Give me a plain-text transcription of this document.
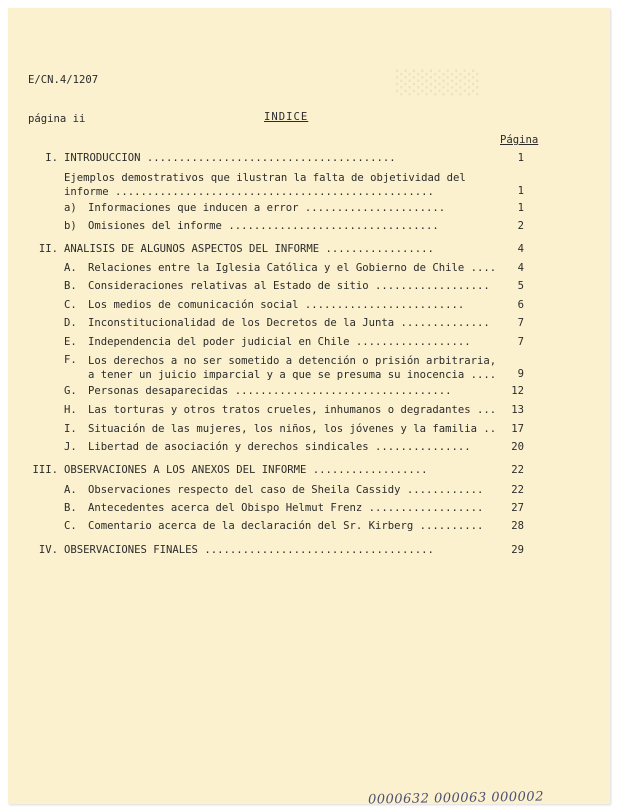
░░░░░

E/CN.4/1207

página ii

	INDICE
Página
I. INTRODUCCION .......................................	1
Ejemplos demostrativos que ilustran la falta de objetividad del
informe ..................................................	1
a) Informaciones que inducen a error ......................	1
b) Omisiones del informe .................................	2
II. ANALISIS DE ALGUNOS ASPECTOS DEL INFORME .................	4
A. Relaciones entre la Iglesia Católica y el Gobierno de Chile ....	4
B. Consideraciones relativas al Estado de sitio ..................	5
C. Los medios de comunicación social .........................	6
D. Inconstitucionalidad de los Decretos de la Junta ..............	7
E. Independencia del poder judicial en Chile ..................	7
F. Los derechos a no ser sometido a detención o prisión arbitraria,
a tener un juicio imparcial y a que se presuma su inocencia ....	9
G. Personas desaparecidas ..................................	12
H. Las torturas y otros tratos crueles, inhumanos o degradantes ...	13
I. Situación de las mujeres, los niños, los jóvenes y la familia ..	17
J. Libertad de asociación y derechos sindicales ...............	20
III. OBSERVACIONES A LOS ANEXOS DEL INFORME ..................	22
A. Observaciones respecto del caso de Sheila Cassidy ............	22
B. Antecedentes acerca del Obispo Helmut Frenz ..................	27
C. Comentario acerca de la declaración del Sr. Kirberg ..........	28
IV. OBSERVACIONES FINALES ....................................	29
0000632 000063 000002
